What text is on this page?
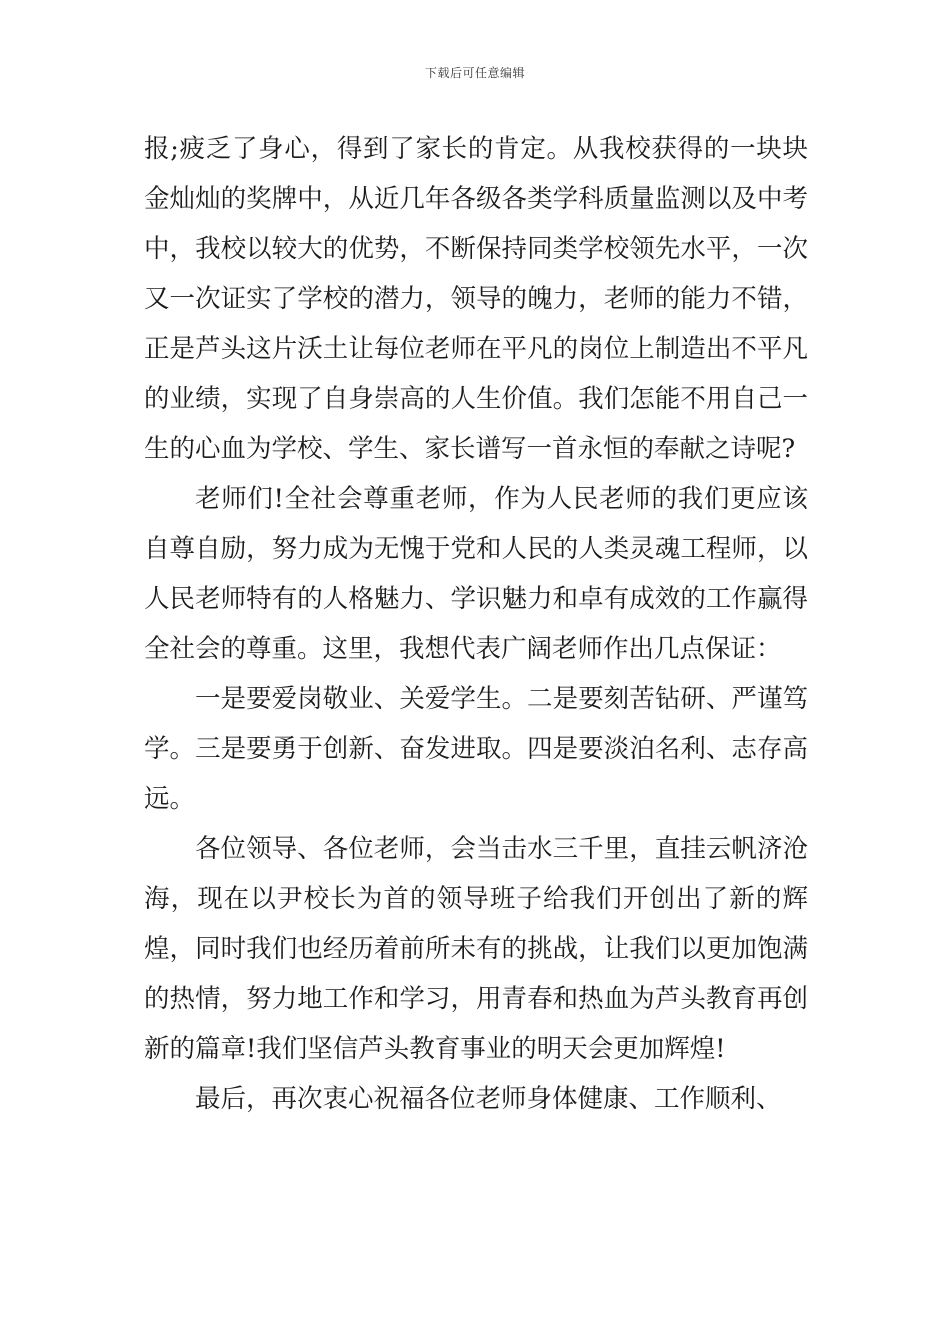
下载后可任意编辑

报;疲乏了身心，得到了家长的肯定。从我校获得的一块块金灿灿的奖牌中，从近几年各级各类学科质量监测以及中考中，我校以较大的优势，不断保持同类学校领先水平，一次又一次证实了学校的潜力，领导的魄力，老师的能力不错，正是芦头这片沃土让每位老师在平凡的岗位上制造出不平凡的业绩，实现了自身崇高的人生价值。我们怎能不用自己一生的心血为学校、学生、家长谱写一首永恒的奉献之诗呢?

老师们!全社会尊重老师，作为人民老师的我们更应该自尊自励，努力成为无愧于党和人民的人类灵魂工程师，以人民老师特有的人格魅力、学识魅力和卓有成效的工作赢得全社会的尊重。这里，我想代表广阔老师作出几点保证：

一是要爱岗敬业、关爱学生。二是要刻苦钻研、严谨笃学。三是要勇于创新、奋发进取。四是要淡泊名利、志存高远。

各位领导、各位老师，会当击水三千里，直挂云帆济沧海，现在以尹校长为首的领导班子给我们开创出了新的辉煌，同时我们也经历着前所未有的挑战，让我们以更加饱满的热情，努力地工作和学习，用青春和热血为芦头教育再创新的篇章!我们坚信芦头教育事业的明天会更加辉煌!

最后，再次衷心祝福各位老师身体健康、工作顺利、
